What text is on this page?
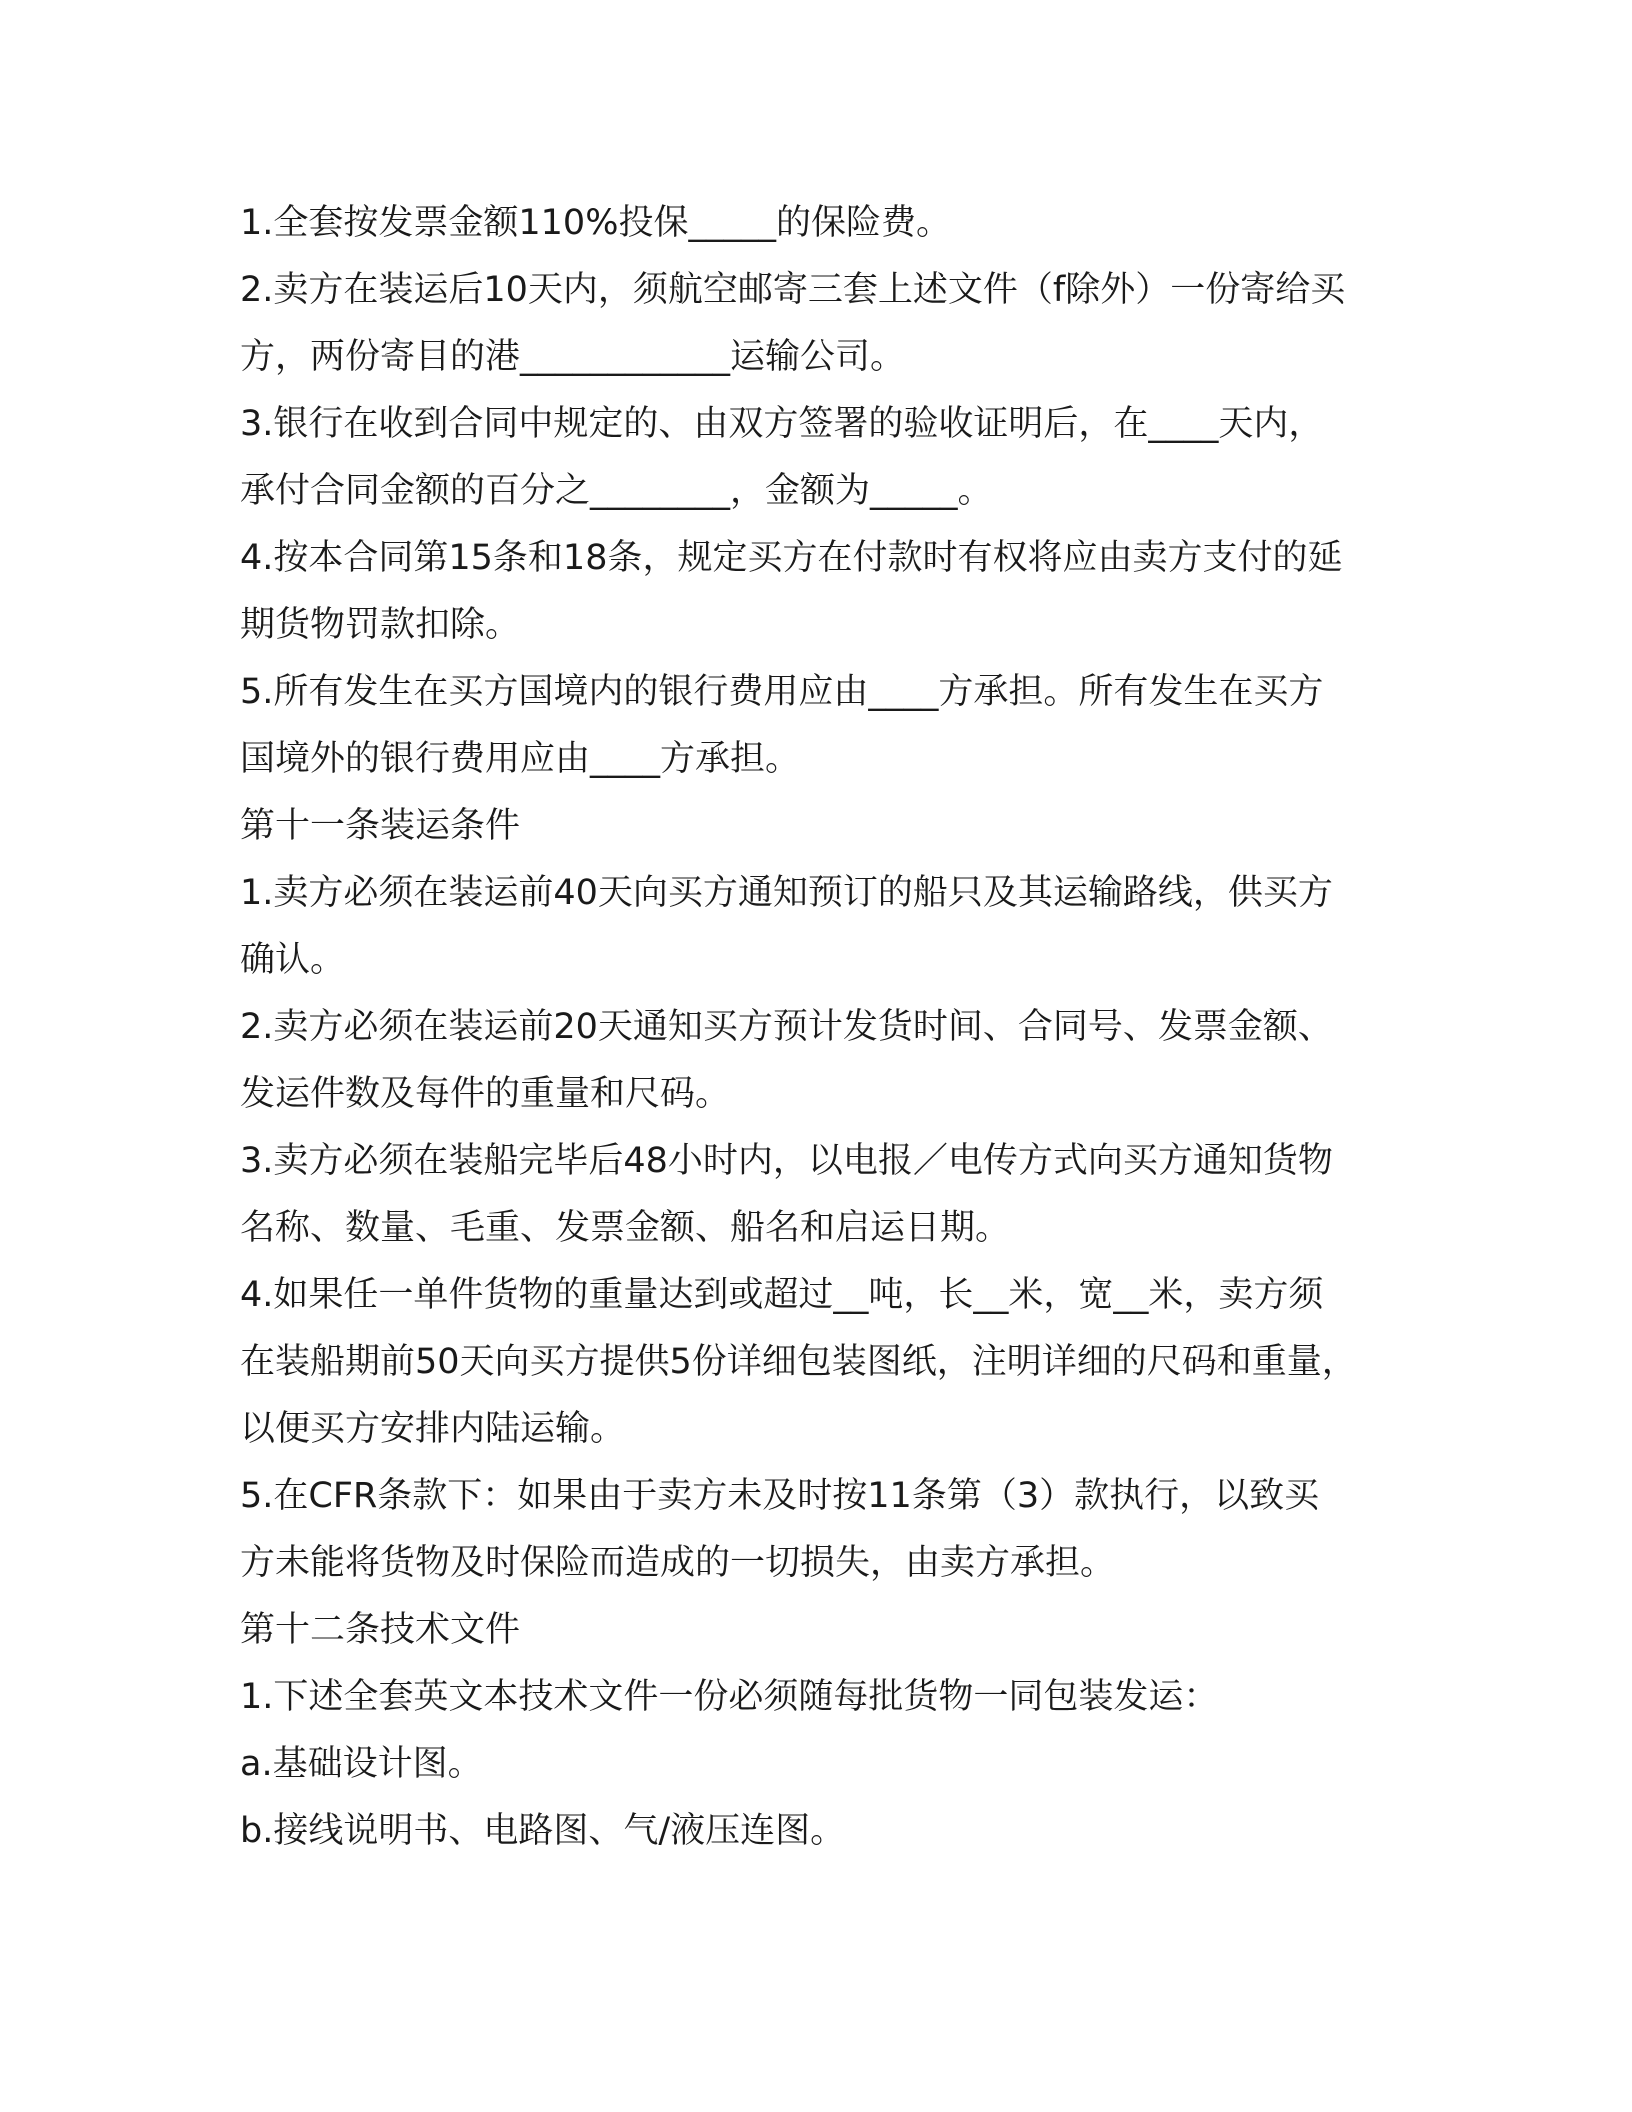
1.全套按发票金额110%投保_____的保险费。

2.卖方在装运后10天内，须航空邮寄三套上述文件（f除外）一份寄给买

方，两份寄目的港____________运输公司。

3.银行在收到合同中规定的、由双方签署的验收证明后，在____天内，

承付合同金额的百分之________，金额为_____。

4.按本合同第15条和18条，规定买方在付款时有权将应由卖方支付的延

期货物罚款扣除。

5.所有发生在买方国境内的银行费用应由____方承担。所有发生在买方

国境外的银行费用应由____方承担。

第十一条装运条件

1.卖方必须在装运前40天向买方通知预订的船只及其运输路线，供买方

确认。

2.卖方必须在装运前20天通知买方预计发货时间、合同号、发票金额、

发运件数及每件的重量和尺码。

3.卖方必须在装船完毕后48小时内，以电报／电传方式向买方通知货物

名称、数量、毛重、发票金额、船名和启运日期。

4.如果任一单件货物的重量达到或超过__吨，长__米，宽__米，卖方须

在装船期前50天向买方提供5份详细包装图纸，注明详细的尺码和重量，

以便买方安排内陆运输。

5.在CFR条款下：如果由于卖方未及时按11条第（3）款执行，以致买

方未能将货物及时保险而造成的一切损失，由卖方承担。

第十二条技术文件

1.下述全套英文本技术文件一份必须随每批货物一同包装发运：

a.基础设计图。

b.接线说明书、电路图、气/液压连图。
